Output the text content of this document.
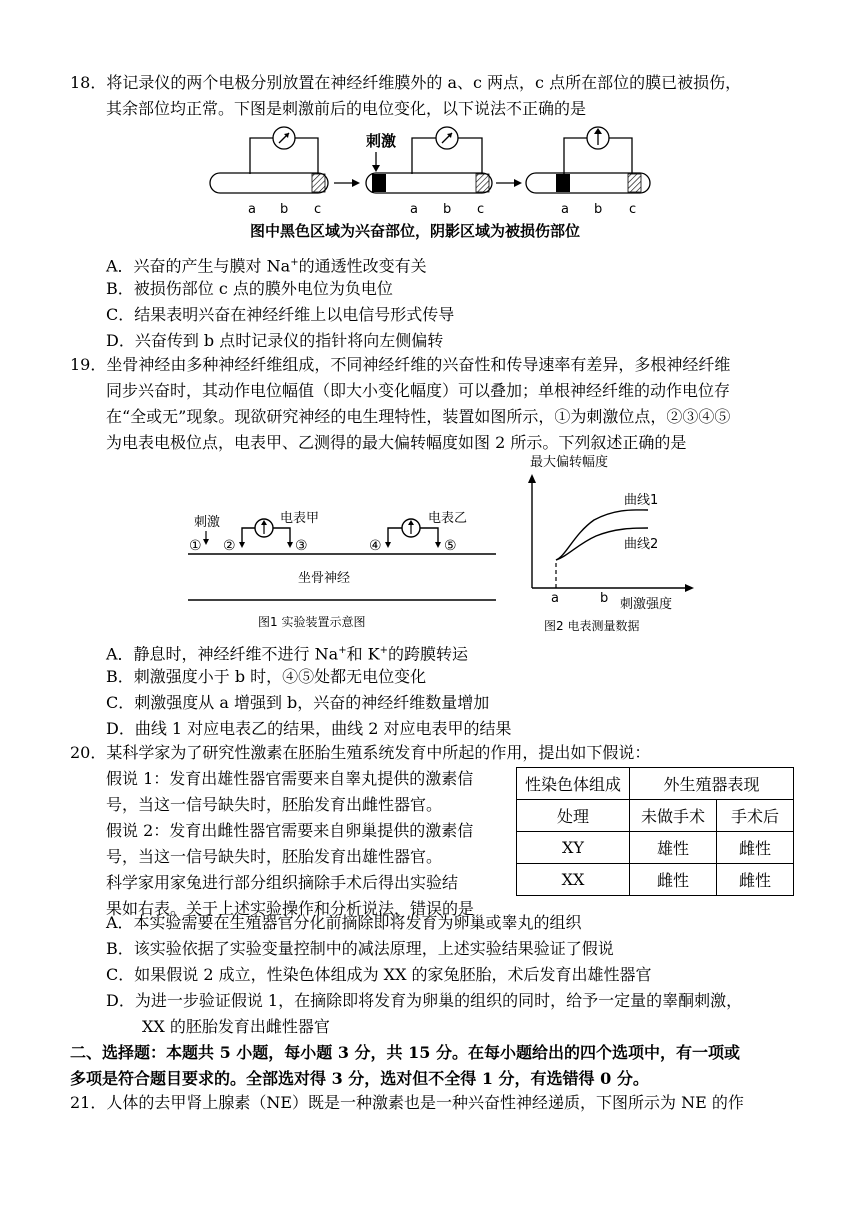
18．将记录仪的两个电极分别放置在神经纤维膜外的 a、c 两点，c 点所在部位的膜已被损伤，
其余部位均正常。下图是刺激前后的电位变化，以下说法不正确的是
刺激
a b c	a b c	a b c
图中黑色区域为兴奋部位，阴影区域为被损伤部位
A．兴奋的产生与膜对 Na+的通透性改变有关
B．被损伤部位 c 点的膜外电位为负电位
C．结果表明兴奋在神经纤维上以电信号形式传导
D．兴奋传到 b 点时记录仪的指针将向左侧偏转
19．坐骨神经由多种神经纤维组成，不同神经纤维的兴奋性和传导速率有差异，多根神经纤维
同步兴奋时，其动作电位幅值（即大小变化幅度）可以叠加；单根神经纤维的动作电位存
在“全或无”现象。现欲研究神经的电生理特性，装置如图所示，①为刺激位点，②③④⑤
为电表电极位点，电表甲、乙测得的最大偏转幅度如图 2 所示。下列叙述正确的是
刺激
① ②	③	④	⑤
电表甲	电表乙
坐骨神经
图1 实验装置示意图
最大偏转幅度
曲线1
曲线2
a	b 刺激强度
图2 电表测量数据
A．静息时，神经纤维不进行 Na+和 K+的跨膜转运
B．刺激强度小于 b 时，④⑤处都无电位变化
C．刺激强度从 a 增强到 b，兴奋的神经纤维数量增加
D．曲线 1 对应电表乙的结果，曲线 2 对应电表甲的结果
20．某科学家为了研究性激素在胚胎生殖系统发育中所起的作用，提出如下假说：
假说 1：发育出雄性器官需要来自睾丸提供的激素信
号，当这一信号缺失时，胚胎发育出雌性器官。
假说 2：发育出雌性器官需要来自卵巢提供的激素信
号，当这一信号缺失时，胚胎发育出雄性器官。
科学家用家兔进行部分组织摘除手术后得出实验结
果如右表。关于上述实验操作和分析说法，错误的是
性染色体组成	外生殖器表现	
处理	未做手术	手术后
XY	雄性	雌性
XX	雌性	雌性
A．本实验需要在生殖器官分化前摘除即将发育为卵巢或睾丸的组织
B．该实验依据了实验变量控制中的减法原理，上述实验结果验证了假说
C．如果假说 2 成立，性染色体组成为 XX 的家兔胚胎，术后发育出雄性器官
D．为进一步验证假说 1，在摘除即将发育为卵巢的组织的同时，给予一定量的睾酮刺激，
XX 的胚胎发育出雌性器官
二、选择题：本题共 5 小题，每小题 3 分，共 15 分。在每小题给出的四个选项中，有一项或
多项是符合题目要求的。全部选对得 3 分，选对但不全得 1 分，有选错得 0 分。
21．人体的去甲肾上腺素（NE）既是一种激素也是一种兴奋性神经递质，下图所示为 NE 的作
